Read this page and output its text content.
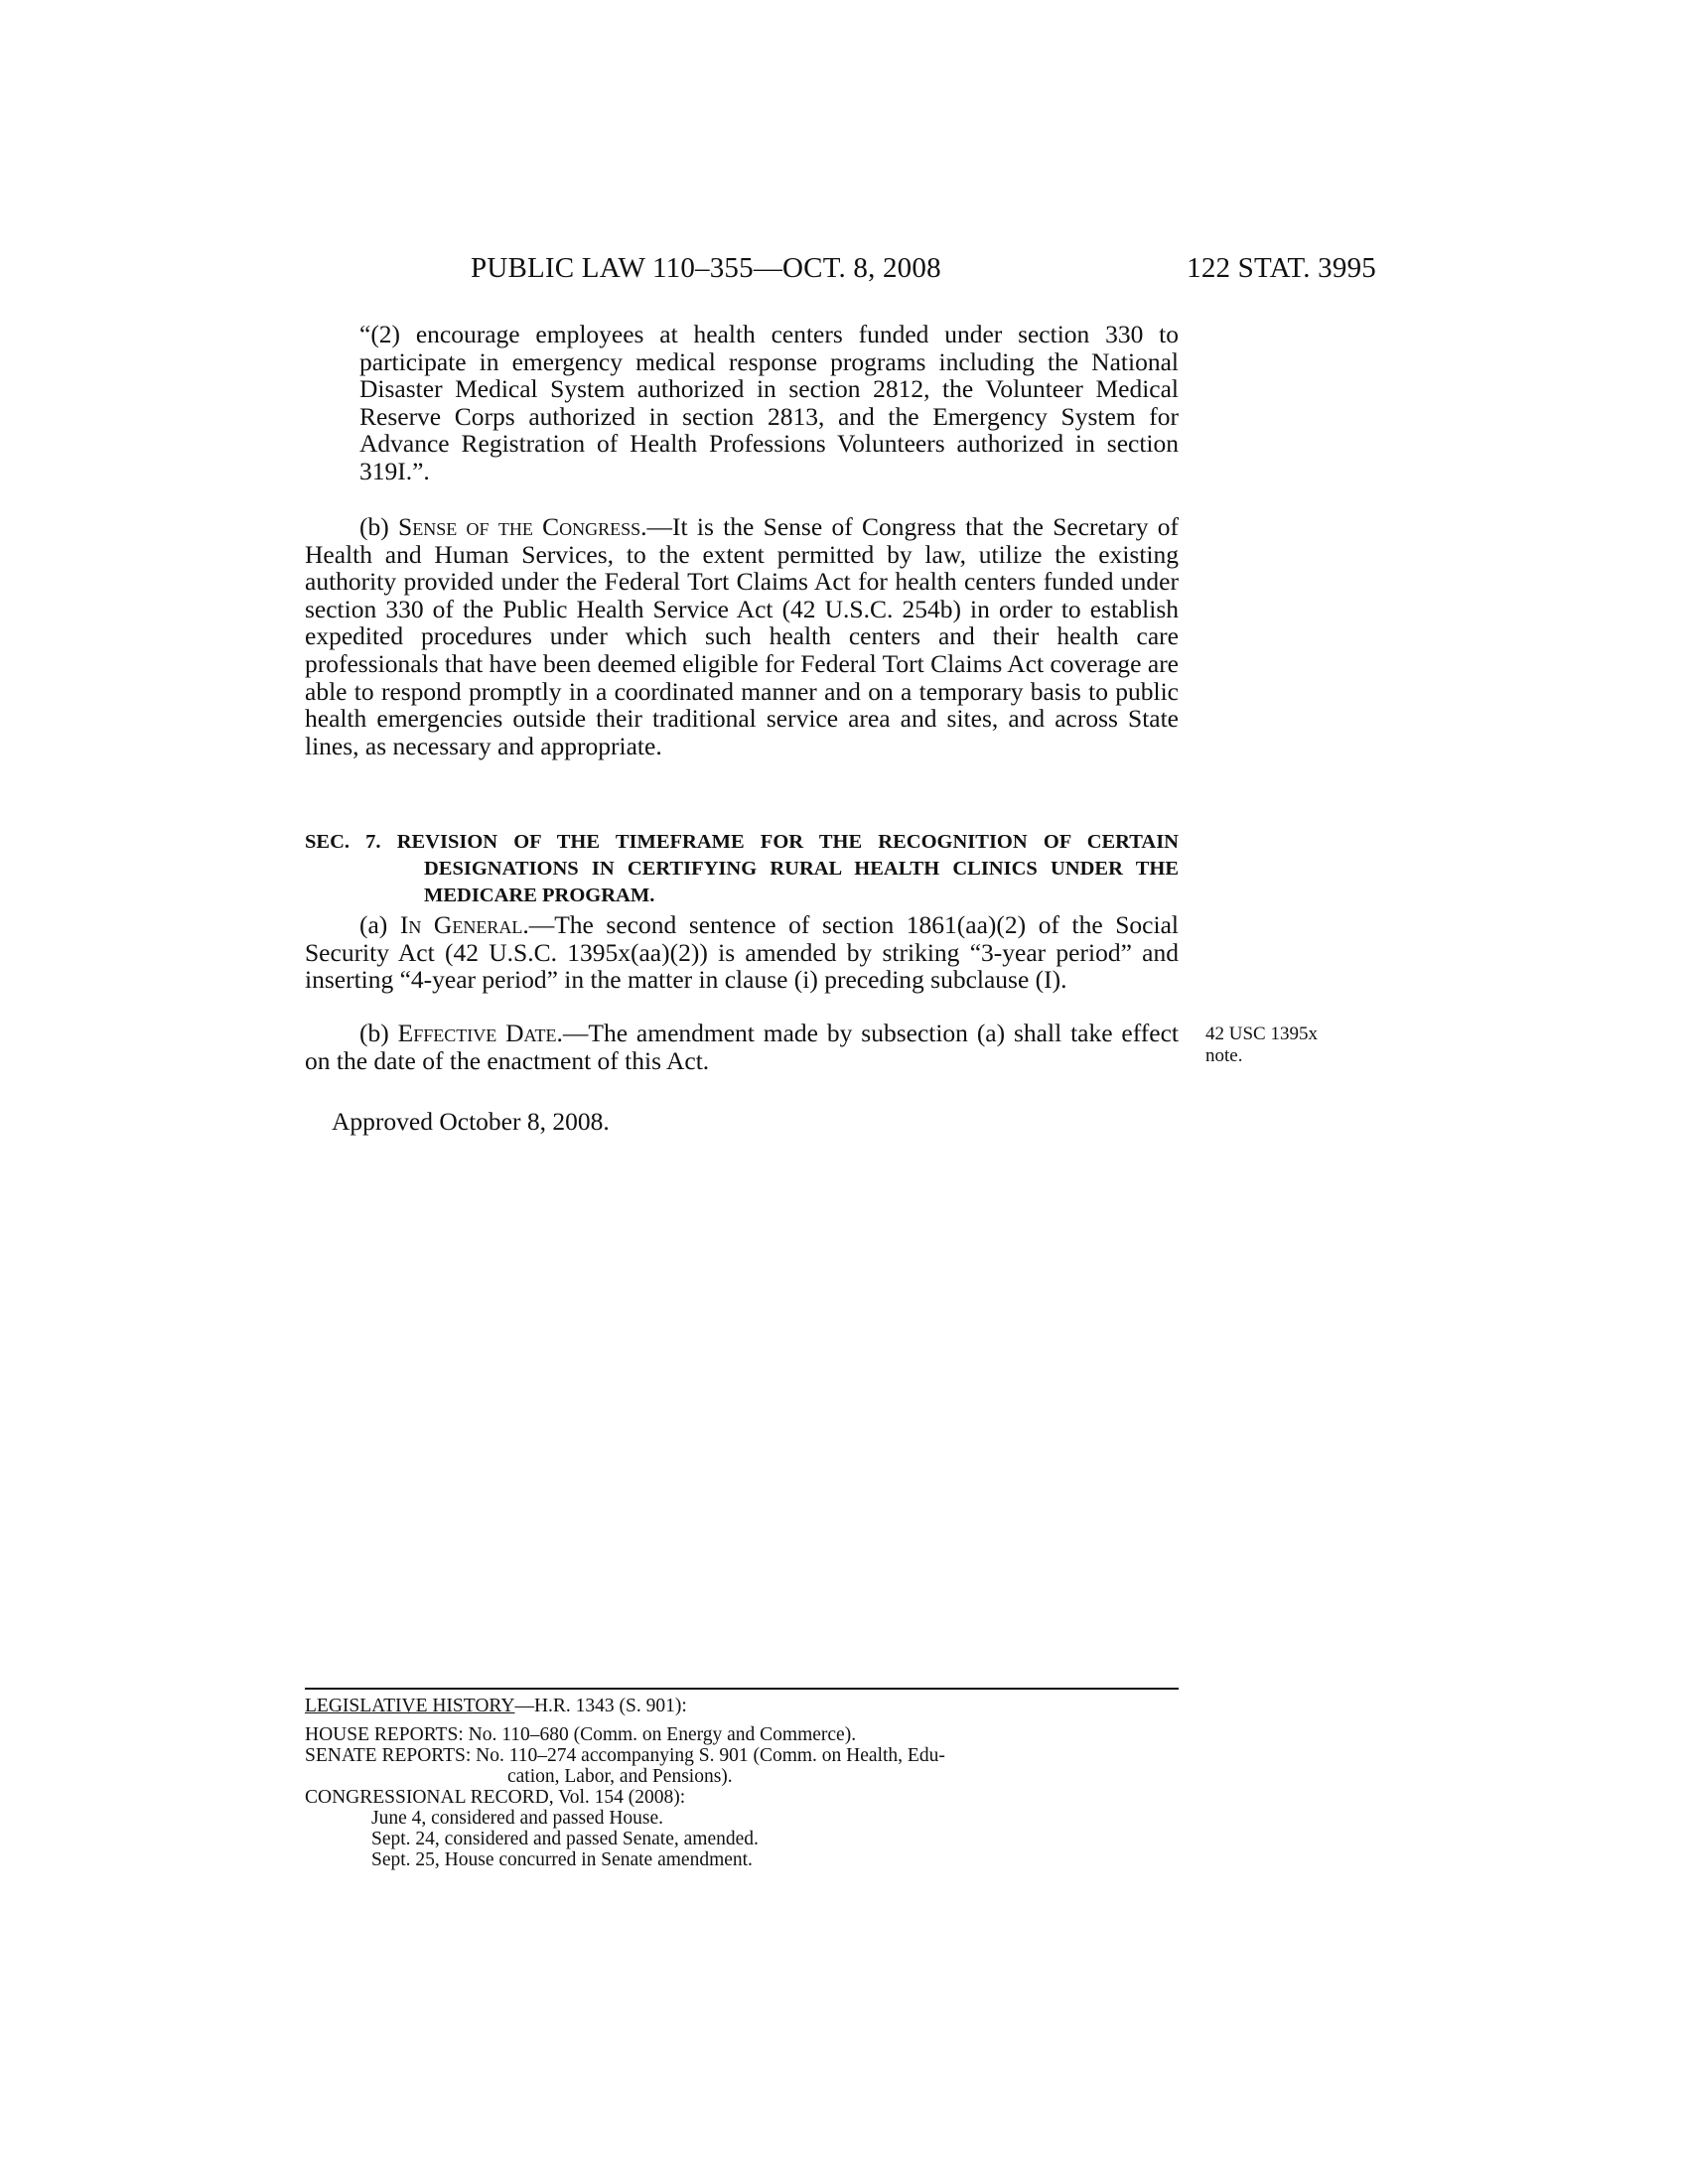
PUBLIC LAW 110–355—OCT. 8, 2008	122 STAT. 3995

“(2) encourage employees at health centers funded under section 330 to participate in emergency medical response programs including the National Disaster Medical System authorized in section 2812, the Volunteer Medical Reserve Corps authorized in section 2813, and the Emergency System for Advance Registration of Health Professions Volunteers authorized in section 319I.”.

(b) Sense of the Congress.—It is the Sense of Congress that the Secretary of Health and Human Services, to the extent permitted by law, utilize the existing authority provided under the Federal Tort Claims Act for health centers funded under section 330 of the Public Health Service Act (42 U.S.C. 254b) in order to establish expedited procedures under which such health centers and their health care professionals that have been deemed eligible for Federal Tort Claims Act coverage are able to respond promptly in a coordinated manner and on a temporary basis to public health emergencies outside their traditional service area and sites, and across State lines, as necessary and appropriate.

SEC. 7. REVISION OF THE TIMEFRAME FOR THE RECOGNITION OF CERTAIN DESIGNATIONS IN CERTIFYING RURAL HEALTH CLINICS UNDER THE MEDICARE PROGRAM.

(a) In General.—The second sentence of section 1861(aa)(2) of the Social Security Act (42 U.S.C. 1395x(aa)(2)) is amended by striking “3-year period” and inserting “4-year period” in the matter in clause (i) preceding subclause (I).

(b) Effective Date.—The amendment made by subsection (a) shall take effect on the date of the enactment of this Act.

42 USC 1395x
note.
Approved October 8, 2008.
LEGISLATIVE HISTORY—H.R. 1343 (S. 901):
HOUSE REPORTS: No. 110–680 (Comm. on Energy and Commerce).
SENATE REPORTS: No. 110–274 accompanying S. 901 (Comm. on Health, Edu-
cation, Labor, and Pensions).
CONGRESSIONAL RECORD, Vol. 154 (2008):
June 4, considered and passed House.
Sept. 24, considered and passed Senate, amended.
Sept. 25, House concurred in Senate amendment.
